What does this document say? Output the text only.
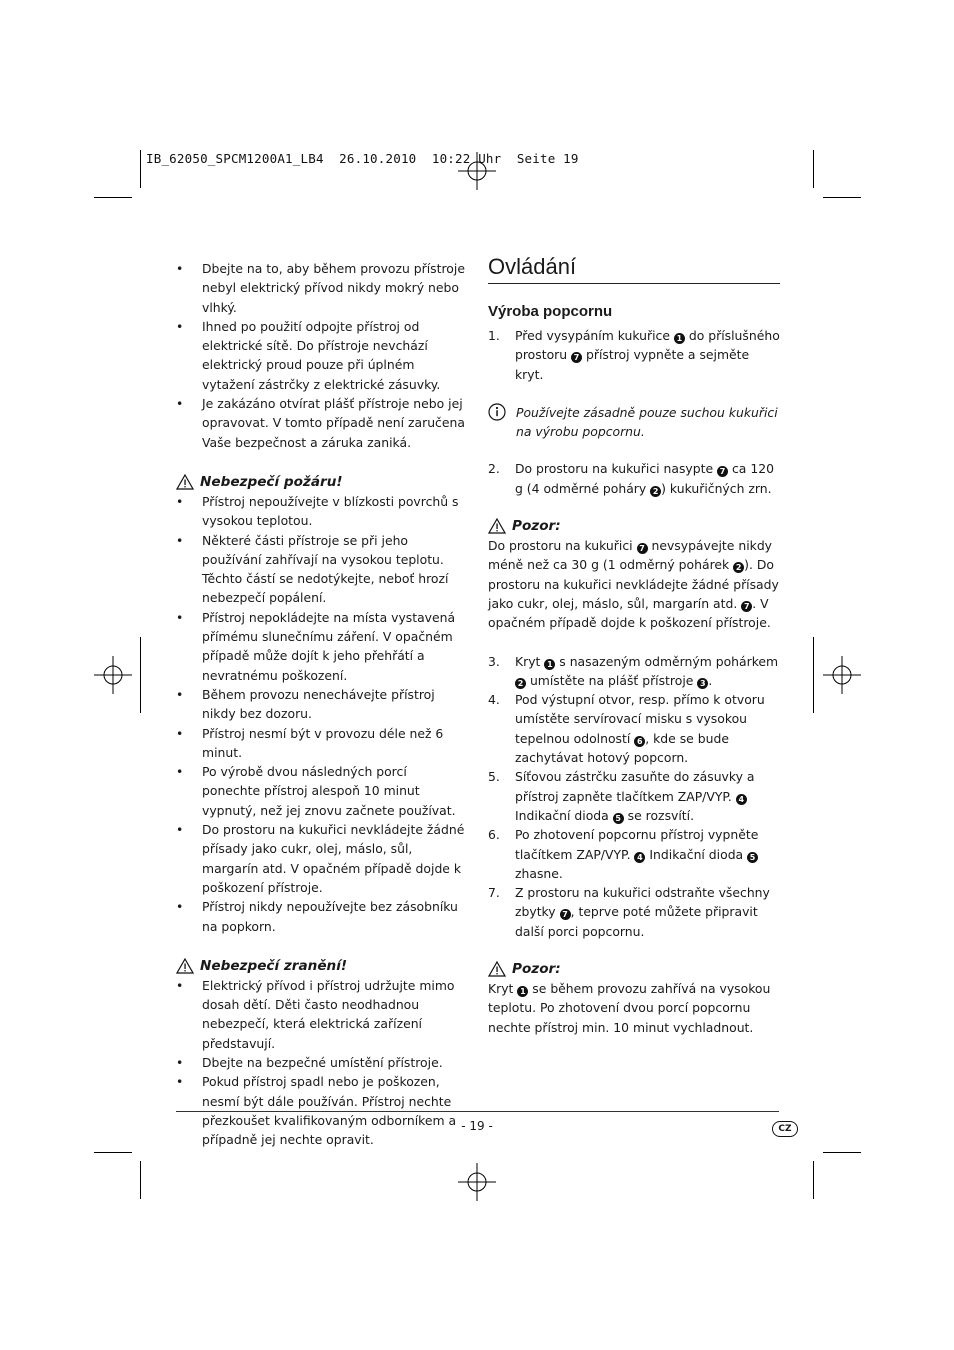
IB_62050_SPCM1200A1_LB4  26.10.2010  10:22 Uhr  Seite 19
• Dbejte na to, aby během provozu přístroje nebyl elektrický přívod nikdy mokrý nebo vlhký.
• Ihned po použití odpojte přístroj od elektrické sítě. Do přístroje nevchází elektrický proud pouze při úplném vytažení zástrčky z elektrické zásuvky.
• Je zakázáno otvírat plášť přístroje nebo jej opravovat. V tomto případě není zaručena Vaše bezpečnost a záruka zaniká.
Nebezpečí požáru!
• Přístroj nepoužívejte v blízkosti povrchů s vysokou teplotou.
• Některé části přístroje se při jeho používání zahřívají na vysokou teplotu. Těchto částí se nedotýkejte, neboť hrozí nebezpečí popálení.
• Přístroj nepokládejte na místa vystavená přímému slunečnímu záření. V opačném případě může dojít k jeho přehřátí a nevratnému poškození.
• Během provozu nenechávejte přístroj nikdy bez dozoru.
• Přístroj nesmí být v provozu déle než 6 minut.
• Po výrobě dvou následných porcí ponechte přístroj alespoň 10 minut vypnutý, než jej znovu začnete používat.
• Do prostoru na kukuřici nevkládejte žádné přísady jako cukr, olej, máslo, sůl, margarín atd. V opačném případě dojde k poškození přístroje.
• Přístroj nikdy nepoužívejte bez zásobníku na popkorn.
Nebezpečí zranění!
• Elektrický přívod i přístroj udržujte mimo dosah dětí. Děti často neodhadnou nebezpečí, která elektrická zařízení představují.
• Dbejte na bezpečné umístění přístroje.
• Pokud přístroj spadl nebo je poškozen, nesmí být dále používán. Přístroj nechte přezkoušet kvalifikovaným odborníkem a případně jej nechte opravit.
Ovládání
Výroba popcornu
1. Před vysypáním kukuřice 1 do příslušného prostoru 7 přístroj vypněte a sejměte kryt.
Používejte zásadně pouze suchou kukuřici na výrobu popcornu.
2. Do prostoru na kukuřici nasypte 7 ca 120 g (4 odměrné poháry 2 ) kukuřičných zrn.
Pozor:
Do prostoru na kukuřici 7 nevsypávejte nikdy méně než ca 30 g (1 odměrný pohárek 2 ). Do prostoru na kukuřici nevkládejte žádné přísady jako cukr, olej, máslo, sůl, margarín atd. 7 . V opačném případě dojde k poškození přístroje.
3. Kryt 1 s nasazeným odměrným pohárkem 2 umístěte na plášť přístroje 3 .
4. Pod výstupní otvor, resp. přímo k otvoru umístěte servírovací misku s vysokou tepelnou odolností 6 , kde se bude zachytávat hotový popcorn.
5. Síťovou zástrčku zasuňte do zásuvky a přístroj zapněte tlačítkem ZAP/VYP. 4 Indikační dioda 5 se rozsvítí.
6. Po zhotovení popcornu přístroj vypněte tlačítkem ZAP/VYP. 4 Indikační dioda 5 zhasne.
7. Z prostoru na kukuřici odstraňte všechny zbytky 7 , teprve poté můžete připravit další porci popcornu.
Pozor:
Kryt 1 se během provozu zahřívá na vysokou teplotu. Po zhotovení dvou porcí popcornu nechte přístroj min. 10 minut vychladnout.
- 19 -	CZ
